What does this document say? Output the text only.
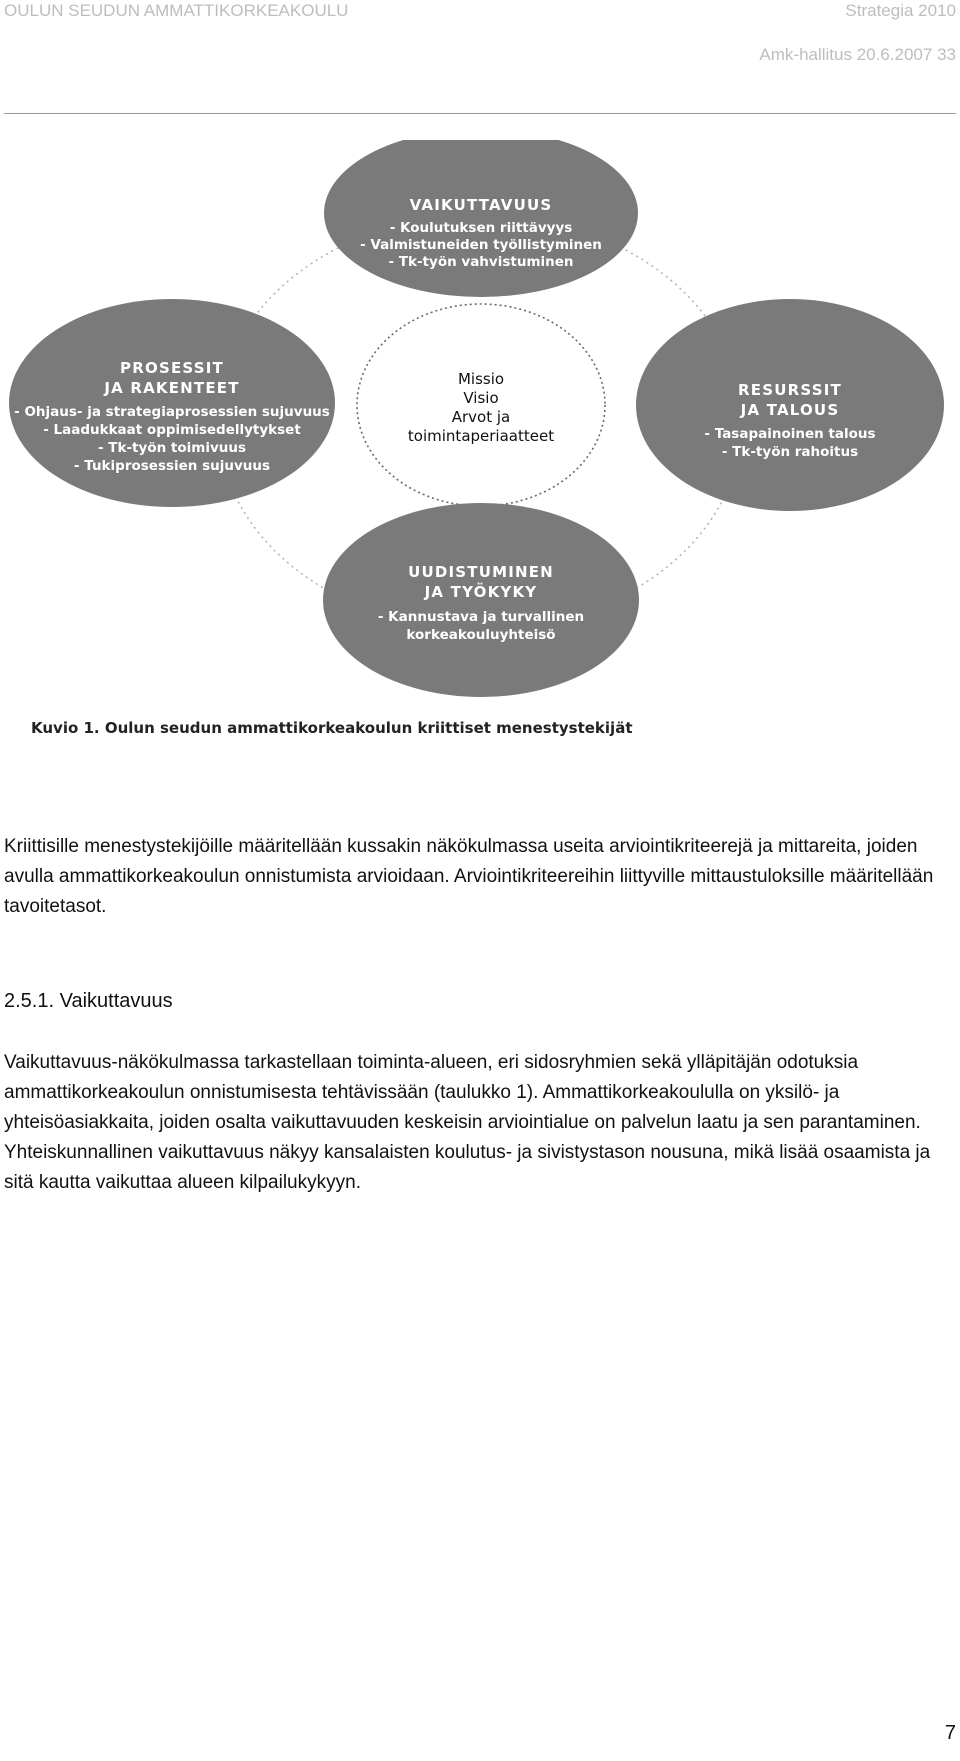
OULUN SEUDUN AMMATTIKORKEAKOULU	Strategia 2010
Amk-hallitus 20.6.2007 33
VAIKUTTAVUUS
- Koulutuksen riittävyys
- Valmistuneiden työllistyminen
- Tk-työn vahvistuminen
PROSESSIT
JA RAKENTEET
- Ohjaus- ja strategiaprosessien sujuvuus
- Laadukkaat oppimisedellytykset
- Tk-työn toimivuus
- Tukiprosessien sujuvuus
Missio
Visio
Arvot ja
toimintaperiaatteet
RESURSSIT
JA TALOUS
- Tasapainoinen talous
- Tk-työn rahoitus
UUDISTUMINEN
JA TYÖKYKY
- Kannustava ja turvallinen
korkeakouluyhteisö
Kuvio 1. Oulun seudun ammattikorkeakoulun kriittiset menestystekijät

Kriittisille menestystekijöille määritellään kussakin näkökulmassa useita arviointikriteerejä ja mittareita, joiden avulla ammattikorkeakoulun onnistumista arvioidaan. Arviointikriteereihin liittyville mittaustuloksille määritellään tavoitetasot.

2.5.1. Vaikuttavuus

Vaikuttavuus-näkökulmassa tarkastellaan toiminta-alueen, eri sidosryhmien sekä ylläpitäjän odotuksia ammattikorkeakoulun onnistumisesta tehtävissään (taulukko 1). Ammattikorkeakoululla on yksilö- ja yhteisöasiakkaita, joiden osalta vaikuttavuuden keskeisin arviointialue on palvelun laatu ja sen parantaminen. Yhteiskunnallinen vaikuttavuus näkyy kansalaisten koulutus- ja sivistystason nousuna, mikä lisää osaamista ja sitä kautta vaikuttaa alueen kilpailukykyyn.

7
